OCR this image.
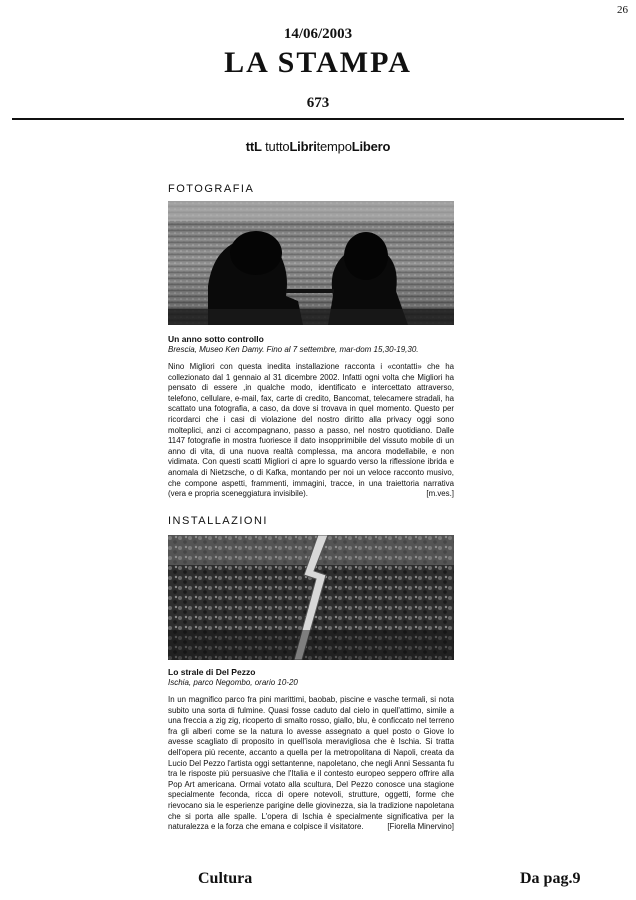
26
14/06/2003
LA STAMPA
673
ttL tuttoLibritempoLibero
FOTOGRAFIA
Un anno sotto controllo
Brescia, Museo Ken Damy. Fino al 7 settembre, mar-dom 15,30-19,30.
Nino Migliori con questa inedita installazione racconta i «contatti» che ha collezionato dal 1 gennaio al 31 dicembre 2002. Infatti ogni volta che Migliori ha pensato di essere ,in qualche modo, identificato e intercettato attraverso, telefono, cellulare, e-mail, fax, carte di credito, Bancomat, telecamere stradali, ha scattato una fotografia, a caso, da dove si trovava in quel momento. Questo per ricordarci che i casi di violazione del nostro diritto alla privacy oggi sono molteplici, anzi ci accompagnano, passo a passo, nel nostro quotidiano. Dalle 1147 fotografie in mostra fuoriesce il dato insopprimibile del vissuto mobile di un anno di vita, di una nuova realtà complessa, ma ancora modellabile, e non vidimata. Con questi scatti Migliori ci apre lo sguardo verso la riflessione ibrida e anomala di Nietzsche, o di Kafka, montando per noi un veloce racconto musivo, che compone aspetti, frammenti, immagini, tracce, in una traiettoria narrativa (vera e propria sceneggiatura invisibile).	[m.ves.]
INSTALLAZIONI
Lo strale di Del Pezzo
Ischia, parco Negombo, orario 10-20
In un magnifico parco fra pini marittimi, baobab, piscine e vasche termali, si nota subito una sorta di fulmine. Quasi fosse caduto dal cielo in quell'attimo, simile a una freccia a zig zig, ricoperto di smalto rosso, giallo, blu, è conficcato nel terreno fra gli alberi come se la natura lo avesse assegnato a quel posto o Giove lo avesse scagliato di proposito in quell'isola meravigliosa che è Ischia. Si tratta dell'opera più recente, accanto a quella per la metropolitana di Napoli, creata da Lucio Del Pezzo l'artista oggi settantenne, napoletano, che negli Anni Sessanta fu tra le risposte più persuasive che l'Italia e il contesto europeo seppero offrire alla Pop Art americana. Ormai votato alla scultura, Del Pezzo conosce una stagione specialmente feconda, ricca di opere notevoli, strutture, oggetti, forme che rievocano sia le esperienze parigine delle giovinezza, sia la tradizione napoletana che si porta alle spalle. L'opera di Ischia è specialmente significativa per la naturalezza e la forza che emana e colpisce il visitatore.	[Fiorella Minervino]
Cultura	Da pag.9
